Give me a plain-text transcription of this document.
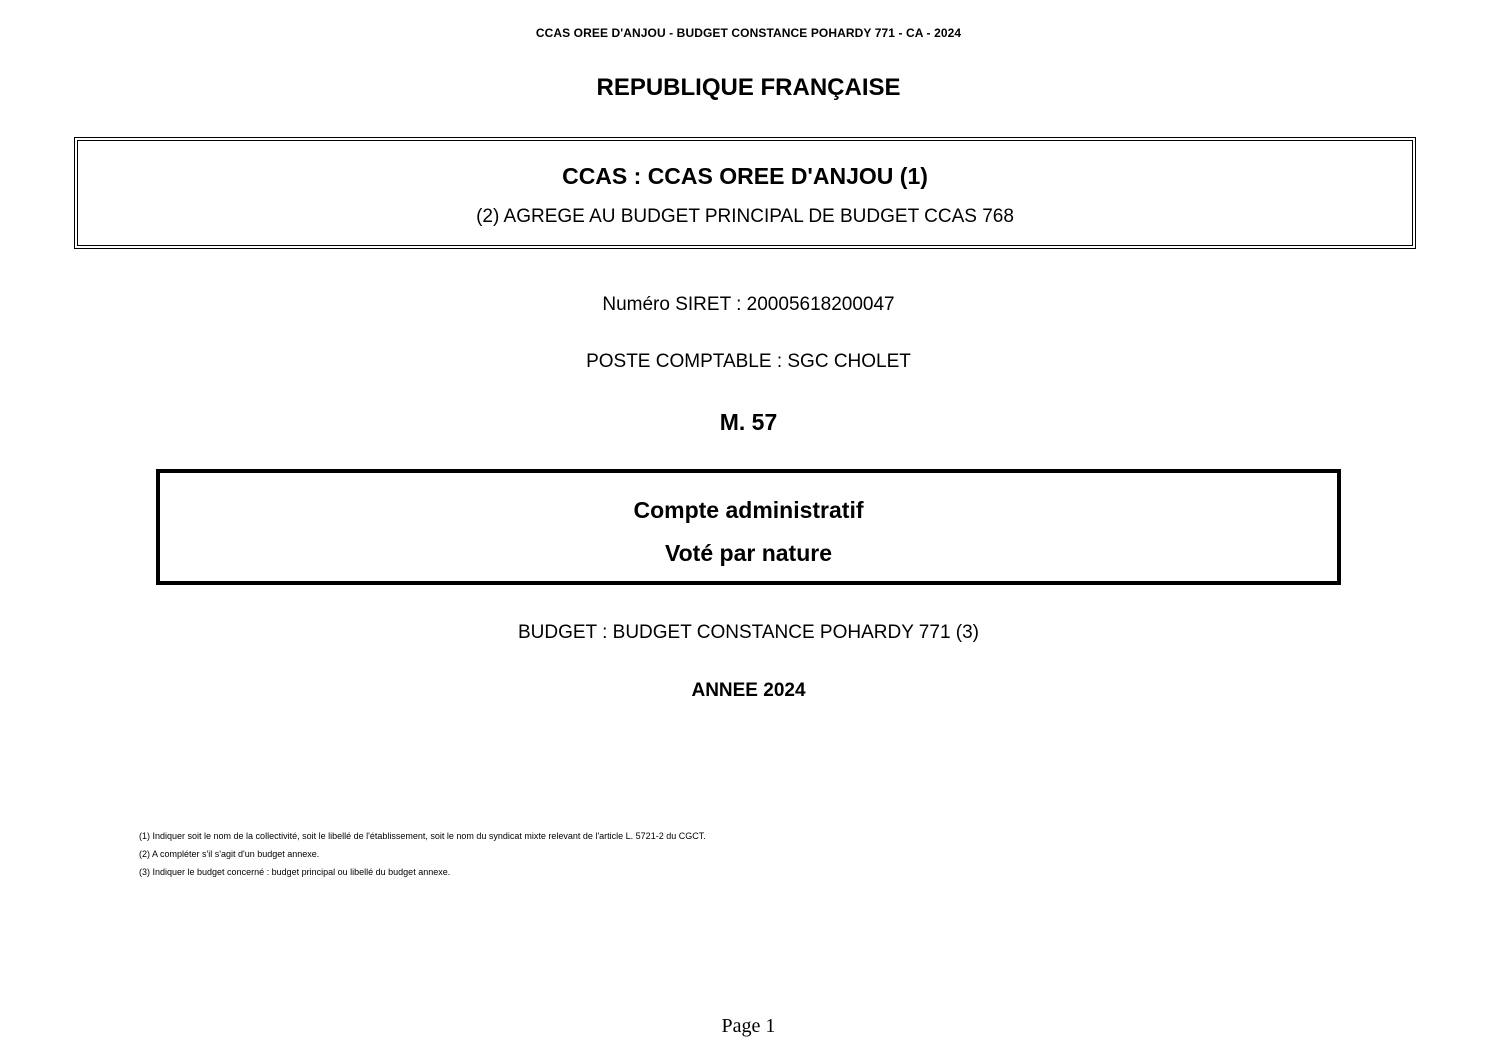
CCAS OREE D'ANJOU - BUDGET CONSTANCE POHARDY 771 - CA - 2024
REPUBLIQUE FRANÇAISE
CCAS : CCAS OREE D'ANJOU (1)
(2) AGREGE AU BUDGET PRINCIPAL DE BUDGET CCAS 768
Numéro SIRET : 20005618200047
POSTE COMPTABLE : SGC CHOLET
M. 57
Compte administratif
Voté par nature
BUDGET : BUDGET CONSTANCE POHARDY 771 (3)
ANNEE 2024
(1) Indiquer soit le nom de la collectivité, soit le libellé de l'établissement, soit le nom du syndicat mixte relevant de l'article L. 5721-2 du CGCT.
(2) A compléter s'il s'agit d'un budget annexe.
(3) Indiquer le budget concerné : budget principal ou libellé du budget annexe.
Page 1
